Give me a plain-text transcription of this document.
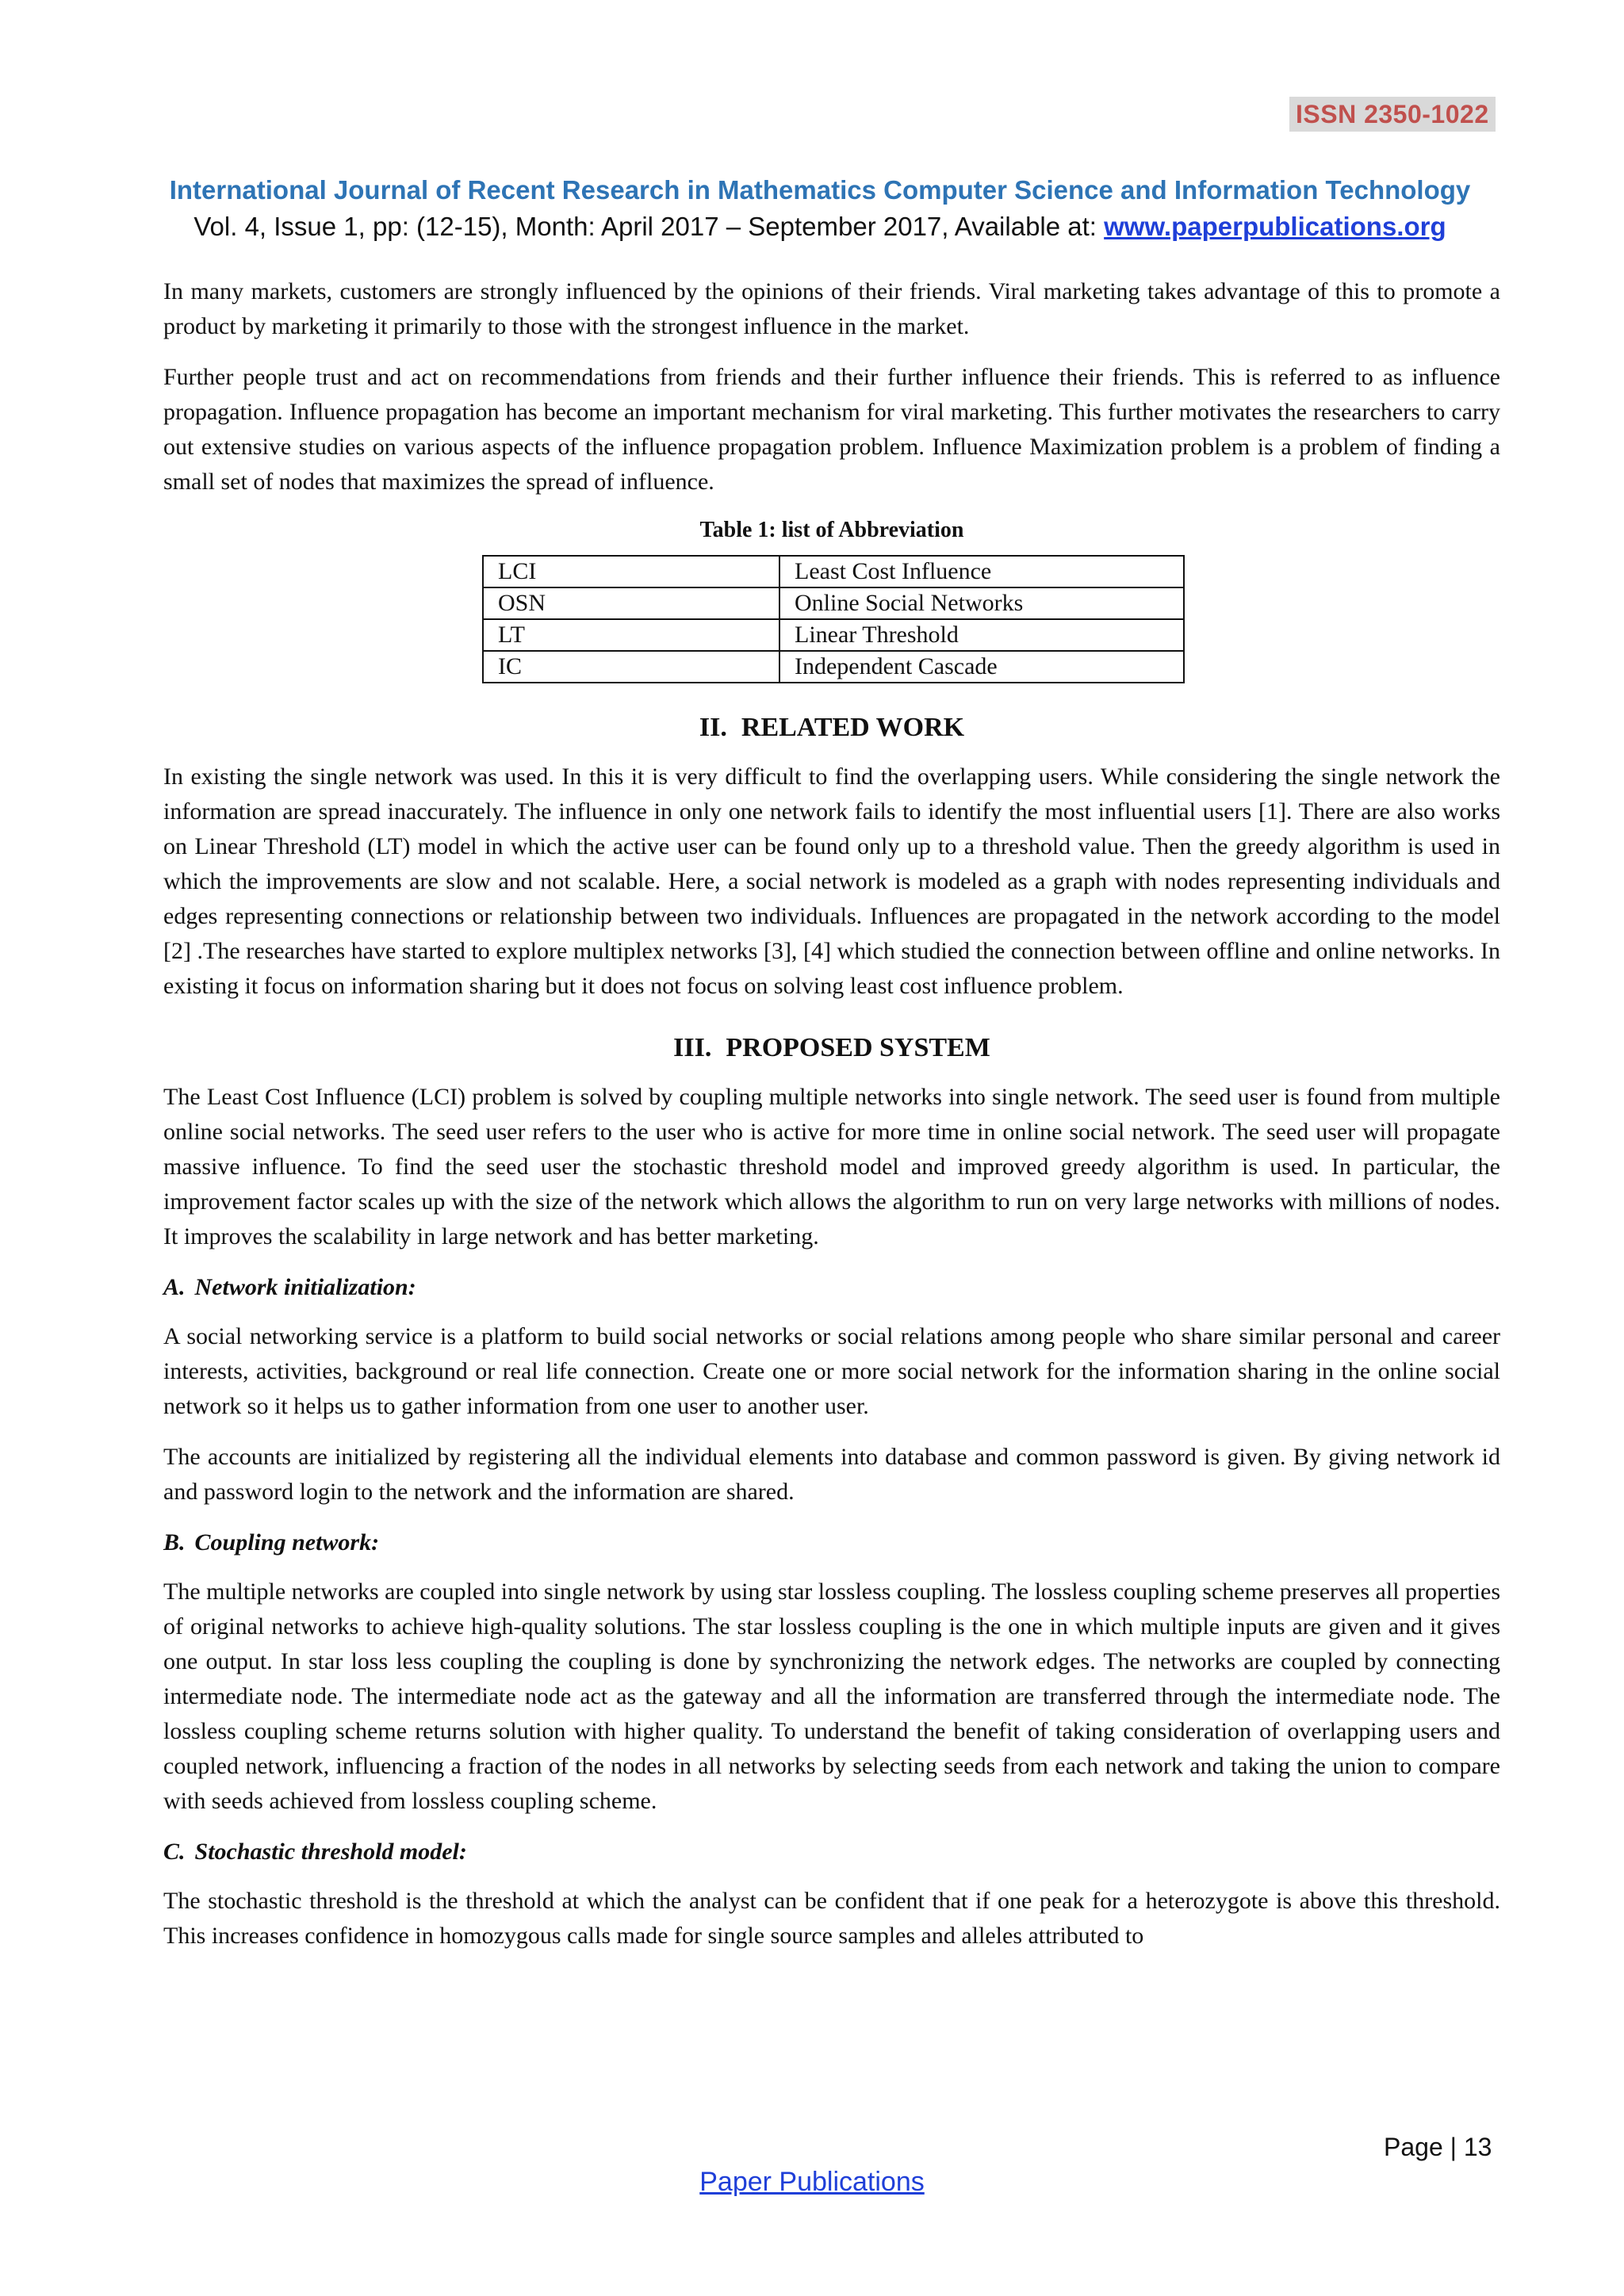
ISSN 2350-1022
International Journal of Recent Research in Mathematics Computer Science and Information Technology
Vol. 4, Issue 1, pp: (12-15), Month: April 2017 – September 2017, Available at: www.paperpublications.org

In many markets, customers are strongly influenced by the opinions of their friends. Viral marketing takes advantage of this to promote a product by marketing it primarily to those with the strongest influence in the market.

Further people trust and act on recommendations from friends and their further influence their friends. This is referred to as influence propagation. Influence propagation has become an important mechanism for viral marketing. This further motivates the researchers to carry out extensive studies on various aspects of the influence propagation problem. Influence Maximization problem is a problem of finding a small set of nodes that maximizes the spread of influence.

Table 1: list of Abbreviation
LCI	Least Cost Influence
OSN	Online Social Networks
LT	Linear Threshold
IC	Independent Cascade
II. RELATED WORK

In existing the single network was used. In this it is very difficult to find the overlapping users. While considering the single network the information are spread inaccurately. The influence in only one network fails to identify the most influential users [1]. There are also works on Linear Threshold (LT) model in which the active user can be found only up to a threshold value. Then the greedy algorithm is used in which the improvements are slow and not scalable. Here, a social network is modeled as a graph with nodes representing individuals and edges representing connections or relationship between two individuals. Influences are propagated in the network according to the model [2] .The researches have started to explore multiplex networks [3], [4] which studied the connection between offline and online networks. In existing it focus on information sharing but it does not focus on solving least cost influence problem.

III. PROPOSED SYSTEM

The Least Cost Influence (LCI) problem is solved by coupling multiple networks into single network. The seed user is found from multiple online social networks. The seed user refers to the user who is active for more time in online social network. The seed user will propagate massive influence. To find the seed user the stochastic threshold model and improved greedy algorithm is used. In particular, the improvement factor scales up with the size of the network which allows the algorithm to run on very large networks with millions of nodes. It improves the scalability in large network and has better marketing.

A. Network initialization:

A social networking service is a platform to build social networks or social relations among people who share similar personal and career interests, activities, background or real life connection. Create one or more social network for the information sharing in the online social network so it helps us to gather information from one user to another user.

The accounts are initialized by registering all the individual elements into database and common password is given. By giving network id and password login to the network and the information are shared.

B. Coupling network:

The multiple networks are coupled into single network by using star lossless coupling. The lossless coupling scheme preserves all properties of original networks to achieve high-quality solutions. The star lossless coupling is the one in which multiple inputs are given and it gives one output. In star loss less coupling the coupling is done by synchronizing the network edges. The networks are coupled by connecting intermediate node. The intermediate node act as the gateway and all the information are transferred through the intermediate node. The lossless coupling scheme returns solution with higher quality. To understand the benefit of taking consideration of overlapping users and coupled network, influencing a fraction of the nodes in all networks by selecting seeds from each network and taking the union to compare with seeds achieved from lossless coupling scheme.

C. Stochastic threshold model:

The stochastic threshold is the threshold at which the analyst can be confident that if one peak for a heterozygote is above this threshold. This increases confidence in homozygous calls made for single source samples and alleles attributed to

Page | 13
Paper Publications
